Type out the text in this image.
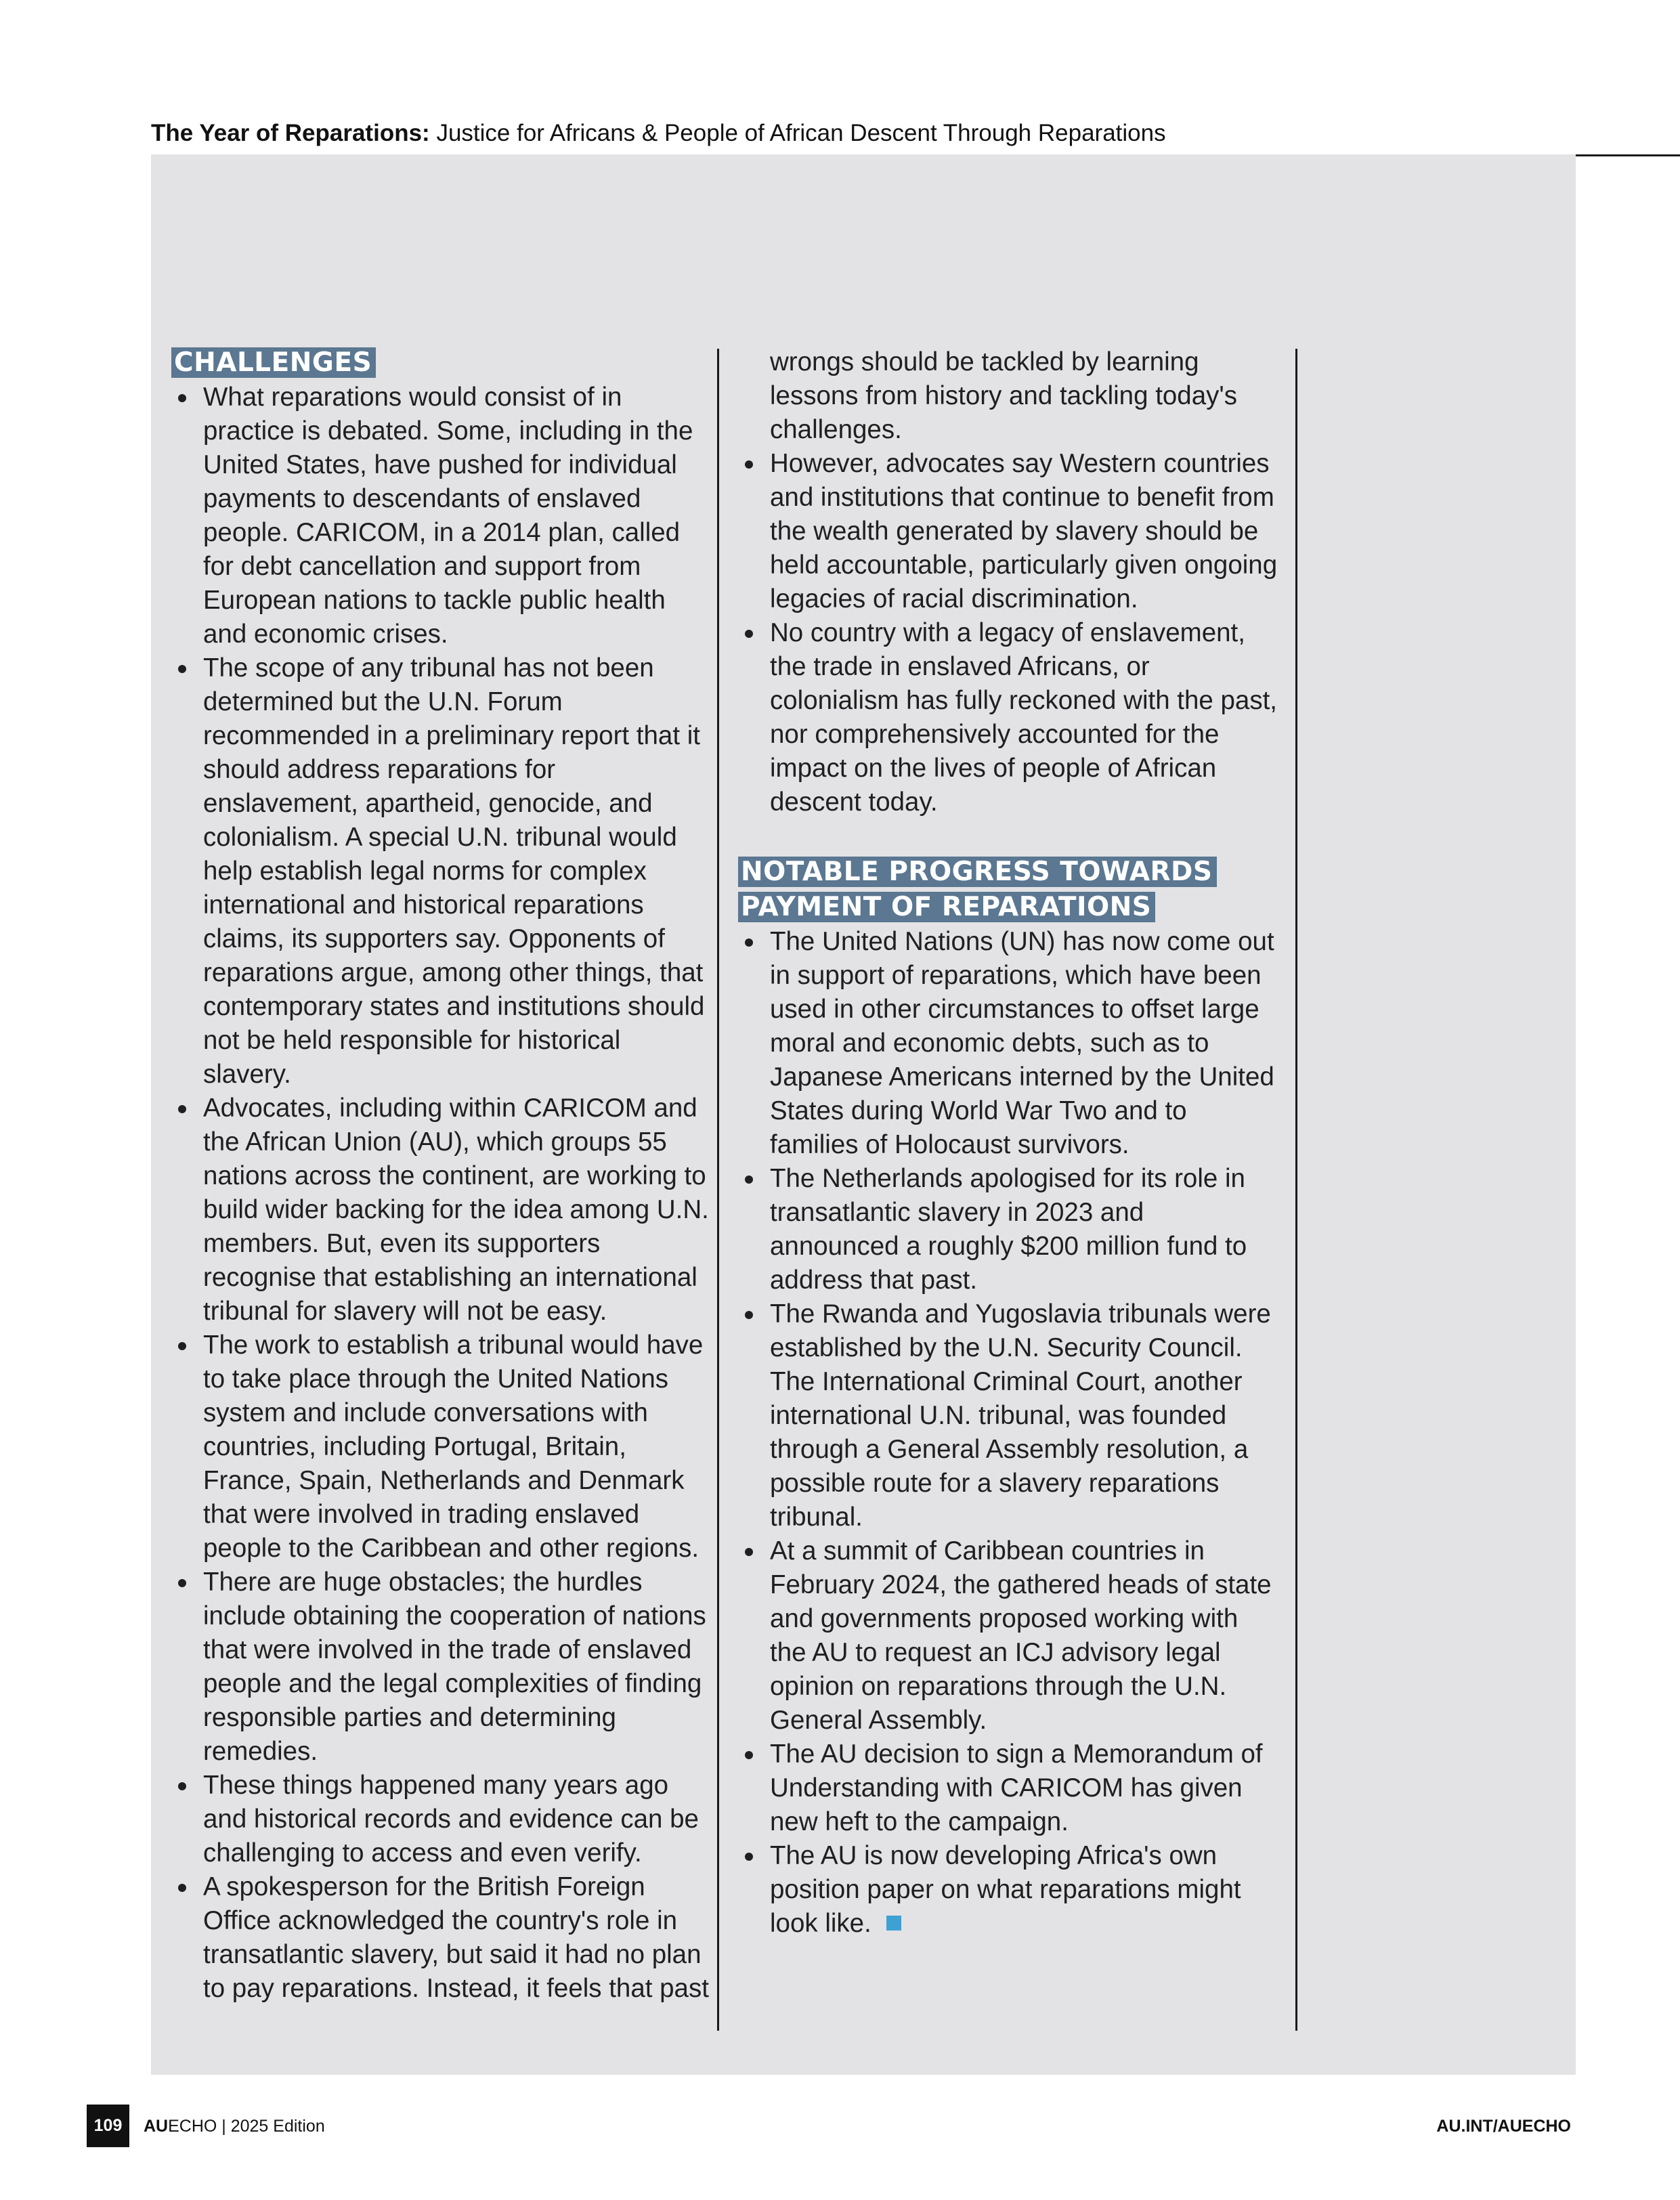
The Year of Reparations: Justice for Africans & People of African Descent Through Reparations
CHALLENGES
What reparations would consist of in practice is debated. Some, including in the United States, have pushed for individual payments to descendants of enslaved people. CARICOM, in a 2014 plan, called for debt cancellation and support from European nations to tackle public health and economic crises.
The scope of any tribunal has not been determined but the U.N. Forum recommended in a preliminary report that it should address reparations for enslavement, apartheid, genocide, and colonialism. A special U.N. tribunal would help establish legal norms for complex international and historical reparations claims, its supporters say. Opponents of reparations argue, among other things, that contemporary states and institutions should not be held responsible for historical slavery.
Advocates, including within CARICOM and the African Union (AU), which groups 55 nations across the continent, are working to build wider backing for the idea among U.N. members. But, even its supporters recognise that establishing an international tribunal for slavery will not be easy.
The work to establish a tribunal would have to take place through the United Nations system and include conversations with countries, including Portugal, Britain, France, Spain, Netherlands and Denmark that were involved in trading enslaved people to the Caribbean and other regions.
There are huge obstacles; the hurdles include obtaining the cooperation of nations that were involved in the trade of enslaved people and the legal complexities of finding responsible parties and determining remedies.
These things happened many years ago and historical records and evidence can be challenging to access and even verify.
A spokesperson for the British Foreign Office acknowledged the country's role in transatlantic slavery, but said it had no plan to pay reparations. Instead, it feels that past
wrongs should be tackled by learning lessons from history and tackling today's challenges.
However, advocates say Western countries and institutions that continue to benefit from the wealth generated by slavery should be held accountable, particularly given ongoing legacies of racial discrimination.
No country with a legacy of enslavement, the trade in enslaved Africans, or colonialism has fully reckoned with the past, nor comprehensively accounted for the impact on the lives of people of African descent today.
NOTABLE PROGRESS TOWARDS PAYMENT OF REPARATIONS
The United Nations (UN) has now come out in support of reparations, which have been used in other circumstances to offset large moral and economic debts, such as to Japanese Americans interned by the United States during World War Two and to families of Holocaust survivors.
The Netherlands apologised for its role in transatlantic slavery in 2023 and announced a roughly $200 million fund to address that past.
The Rwanda and Yugoslavia tribunals were established by the U.N. Security Council. The International Criminal Court, another international U.N. tribunal, was founded through a General Assembly resolution, a possible route for a slavery reparations tribunal.
At a summit of Caribbean countries in February 2024, the gathered heads of state and governments proposed working with the AU to request an ICJ advisory legal opinion on reparations through the U.N. General Assembly.
The AU decision to sign a Memorandum of Understanding with CARICOM has given new heft to the campaign.
The AU is now developing Africa's own position paper on what reparations might look like.
109	AUECHO | 2025 Edition	AU.INT/AUECHO
